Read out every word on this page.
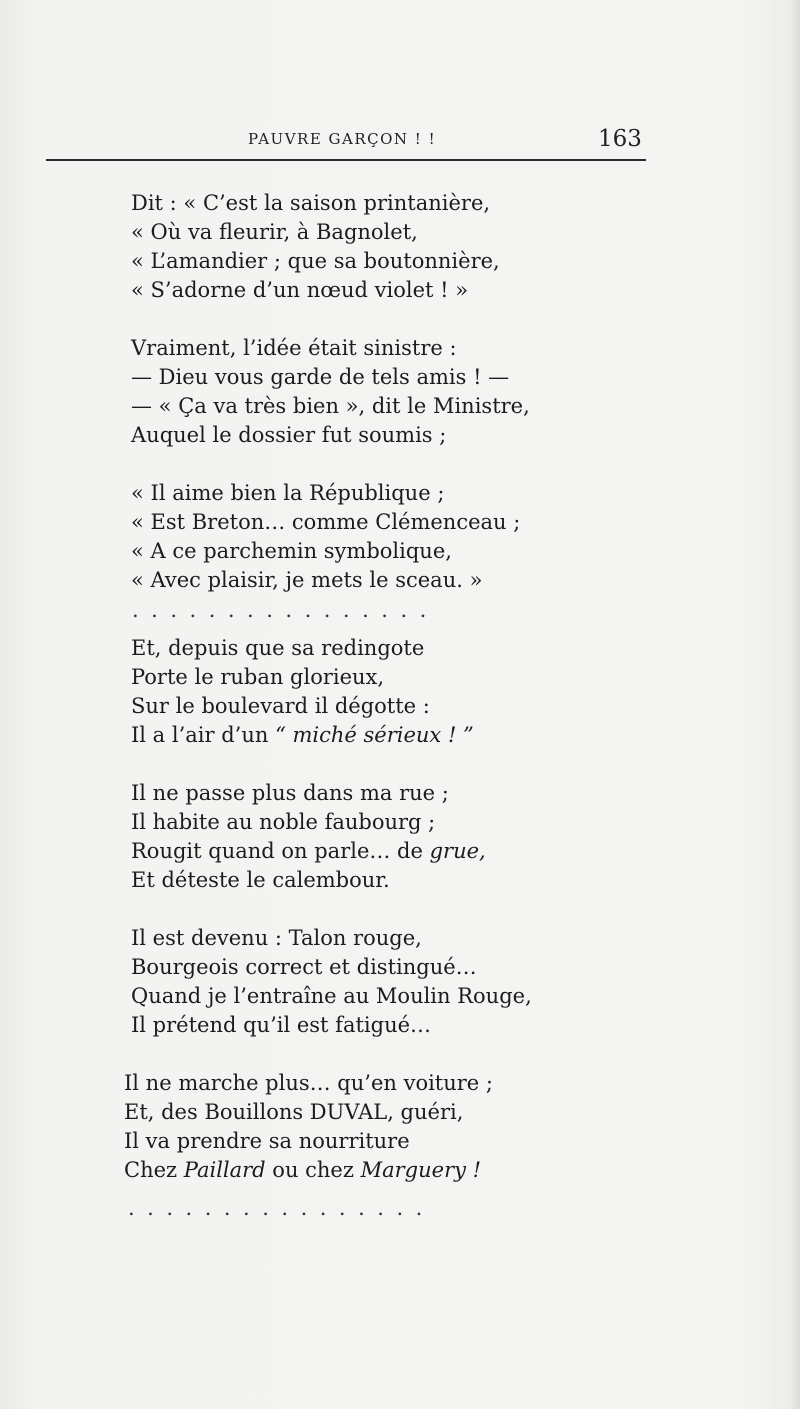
PAUVRE GARÇON ! !	163
Dit : « C’est la saison printanière,
« Où va fleurir, à Bagnolet,
« L’amandier ; que sa boutonnière,
« S’adorne d’un nœud violet ! »
Vraiment, l’idée était sinistre :
— Dieu vous garde de tels amis ! —
— « Ça va très bien », dit le Ministre,
Auquel le dossier fut soumis ;
« Il aime bien la République ;
« Est Breton… comme Clémenceau ;
« A ce parchemin symbolique,
« Avec plaisir, je mets le sceau. »
................
Et, depuis que sa redingote
Porte le ruban glorieux,
Sur le boulevard il dégotte :
Il a l’air d’un “ miché sérieux ! ”
Il ne passe plus dans ma rue ;
Il habite au noble faubourg ;
Rougit quand on parle… de grue,
Et déteste le calembour.
Il est devenu : Talon rouge,
Bourgeois correct et distingué…
Quand je l’entraîne au Moulin Rouge,
Il prétend qu’il est fatigué…
Il ne marche plus… qu’en voiture ;
Et, des Bouillons DUVAL, guéri,
Il va prendre sa nourriture
Chez Paillard ou chez Marguery !
................
